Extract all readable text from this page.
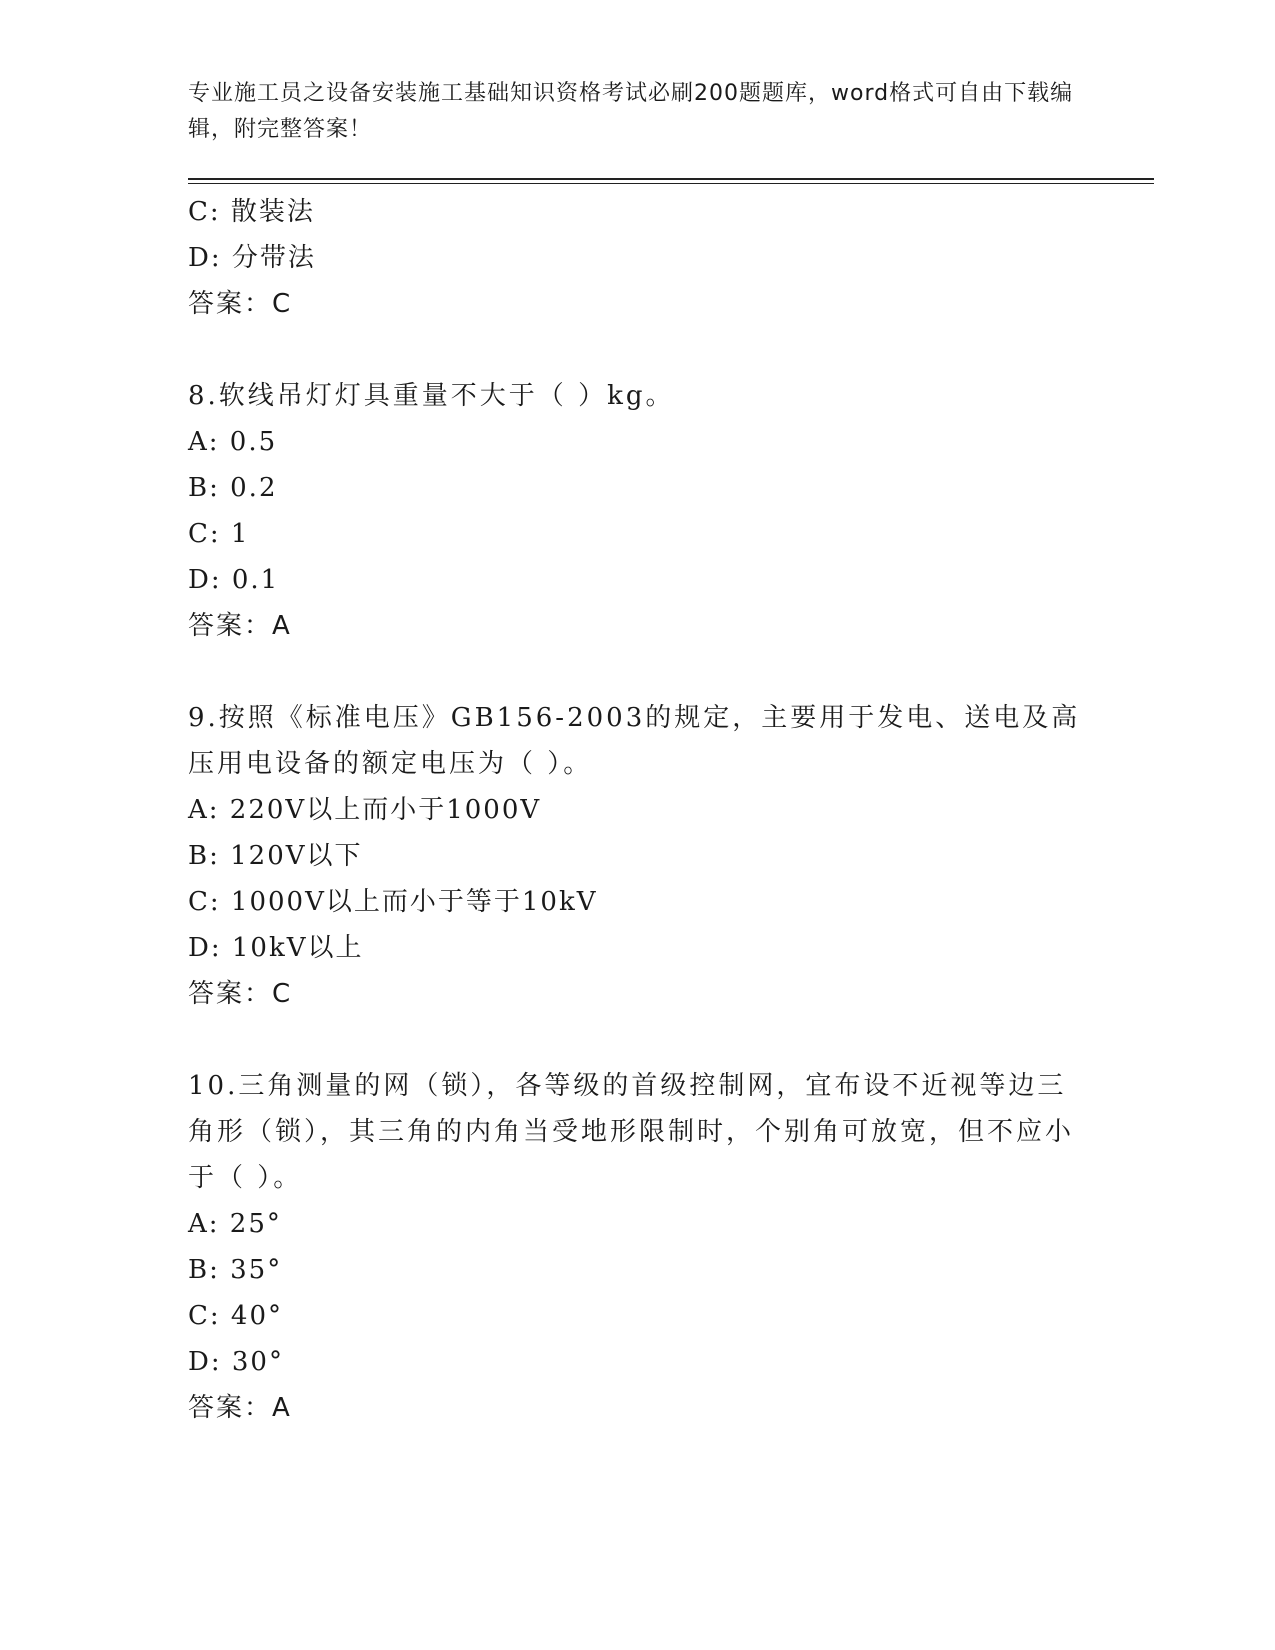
专业施工员之设备安装施工基础知识资格考试必刷200题题库，word格式可自由下载编辑，附完整答案！
C: 散装法
D: 分带法
答案：C
8.软线吊灯灯具重量不大于（ ）kg。
A: 0.5
B: 0.2
C: 1
D: 0.1
答案：A
9.按照《标准电压》GB156-2003的规定，主要用于发电、送电及高压用电设备的额定电压为（ ）。
A: 220V以上而小于1000V
B: 120V以下
C: 1000V以上而小于等于10kV
D: 10kV以上
答案：C
10.三角测量的网（锁），各等级的首级控制网，宜布设不近视等边三角形（锁），其三角的内角当受地形限制时，个别角可放宽，但不应小于（ ）。
A: 25°
B: 35°
C: 40°
D: 30°
答案：A
